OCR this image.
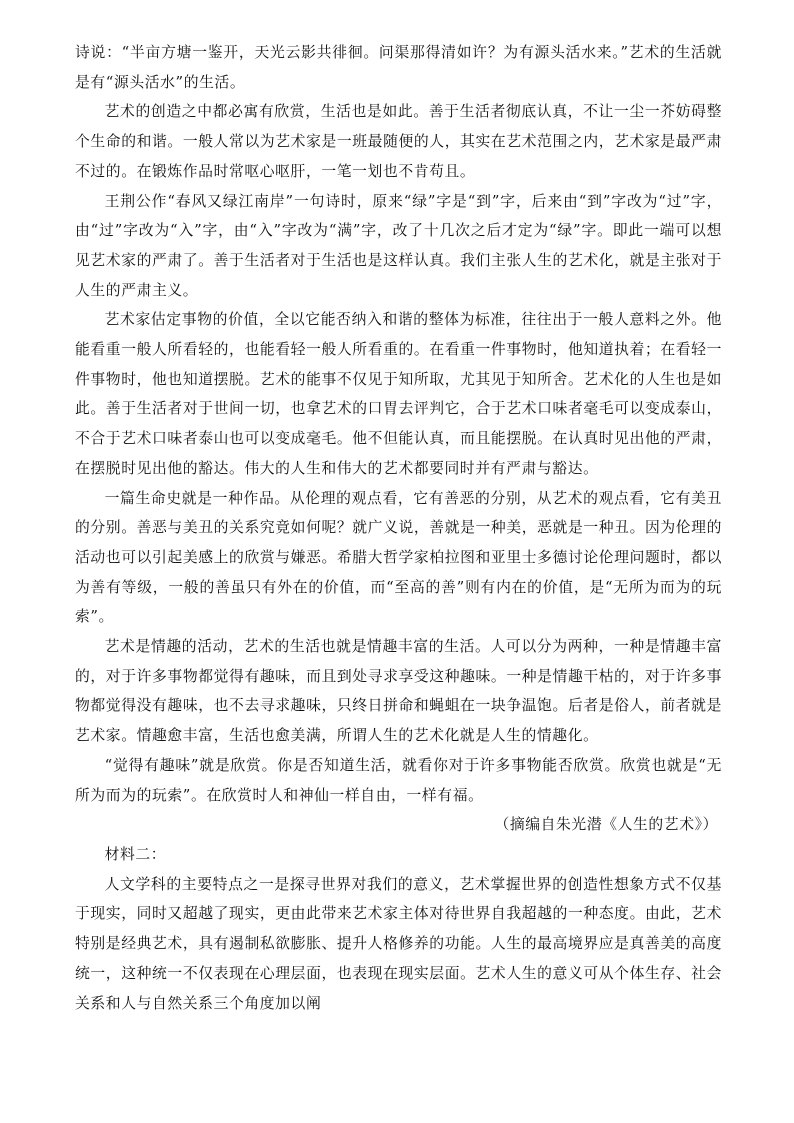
诗说：“半亩方塘一鉴开，天光云影共徘徊。问渠那得清如许？为有源头活水来。”艺术的生活就是有“源头活水”的生活。

艺术的创造之中都必寓有欣赏，生活也是如此。善于生活者彻底认真，不让一尘一芥妨碍整个生命的和谐。一般人常以为艺术家是一班最随便的人，其实在艺术范围之内，艺术家是最严肃不过的。在锻炼作品时常呕心呕肝，一笔一划也不肯苟且。

王荆公作“春风又绿江南岸”一句诗时，原来“绿”字是“到”字，后来由“到”字改为“过”字，由“过”字改为“入”字，由“入”字改为“满”字，改了十几次之后才定为“绿”字。即此一端可以想见艺术家的严肃了。善于生活者对于生活也是这样认真。我们主张人生的艺术化，就是主张对于人生的严肃主义。

艺术家估定事物的价值，全以它能否纳入和谐的整体为标准，往往出于一般人意料之外。他能看重一般人所看轻的，也能看轻一般人所看重的。在看重一件事物时，他知道执着；在看轻一件事物时，他也知道摆脱。艺术的能事不仅见于知所取，尤其见于知所舍。艺术化的人生也是如此。善于生活者对于世间一切，也拿艺术的口胃去评判它，合于艺术口味者毫毛可以变成泰山，不合于艺术口味者泰山也可以变成毫毛。他不但能认真，而且能摆脱。在认真时见出他的严肃，在摆脱时见出他的豁达。伟大的人生和伟大的艺术都要同时并有严肃与豁达。

一篇生命史就是一种作品。从伦理的观点看，它有善恶的分别，从艺术的观点看，它有美丑的分别。善恶与美丑的关系究竟如何呢？就广义说，善就是一种美，恶就是一种丑。因为伦理的活动也可以引起美感上的欣赏与嫌恶。希腊大哲学家柏拉图和亚里士多德讨论伦理问题时，都以为善有等级，一般的善虽只有外在的价值，而“至高的善”则有内在的价值，是“无所为而为的玩索”。

艺术是情趣的活动，艺术的生活也就是情趣丰富的生活。人可以分为两种，一种是情趣丰富的，对于许多事物都觉得有趣味，而且到处寻求享受这种趣味。一种是情趣干枯的，对于许多事物都觉得没有趣味，也不去寻求趣味，只终日拼命和蝇蛆在一块争温饱。后者是俗人，前者就是艺术家。情趣愈丰富，生活也愈美满，所谓人生的艺术化就是人生的情趣化。

“觉得有趣味”就是欣赏。你是否知道生活，就看你对于许多事物能否欣赏。欣赏也就是“无所为而为的玩索”。在欣赏时人和神仙一样自由，一样有福。

（摘编自朱光潜《人生的艺术》）

材料二：

人文学科的主要特点之一是探寻世界对我们的意义，艺术掌握世界的创造性想象方式不仅基于现实，同时又超越了现实，更由此带来艺术家主体对待世界自我超越的一种态度。由此，艺术特别是经典艺术，具有遏制私欲膨胀、提升人格修养的功能。人生的最高境界应是真善美的高度统一，这种统一不仅表现在心理层面，也表现在现实层面。艺术人生的意义可从个体生存、社会关系和人与自然关系三个角度加以阐
